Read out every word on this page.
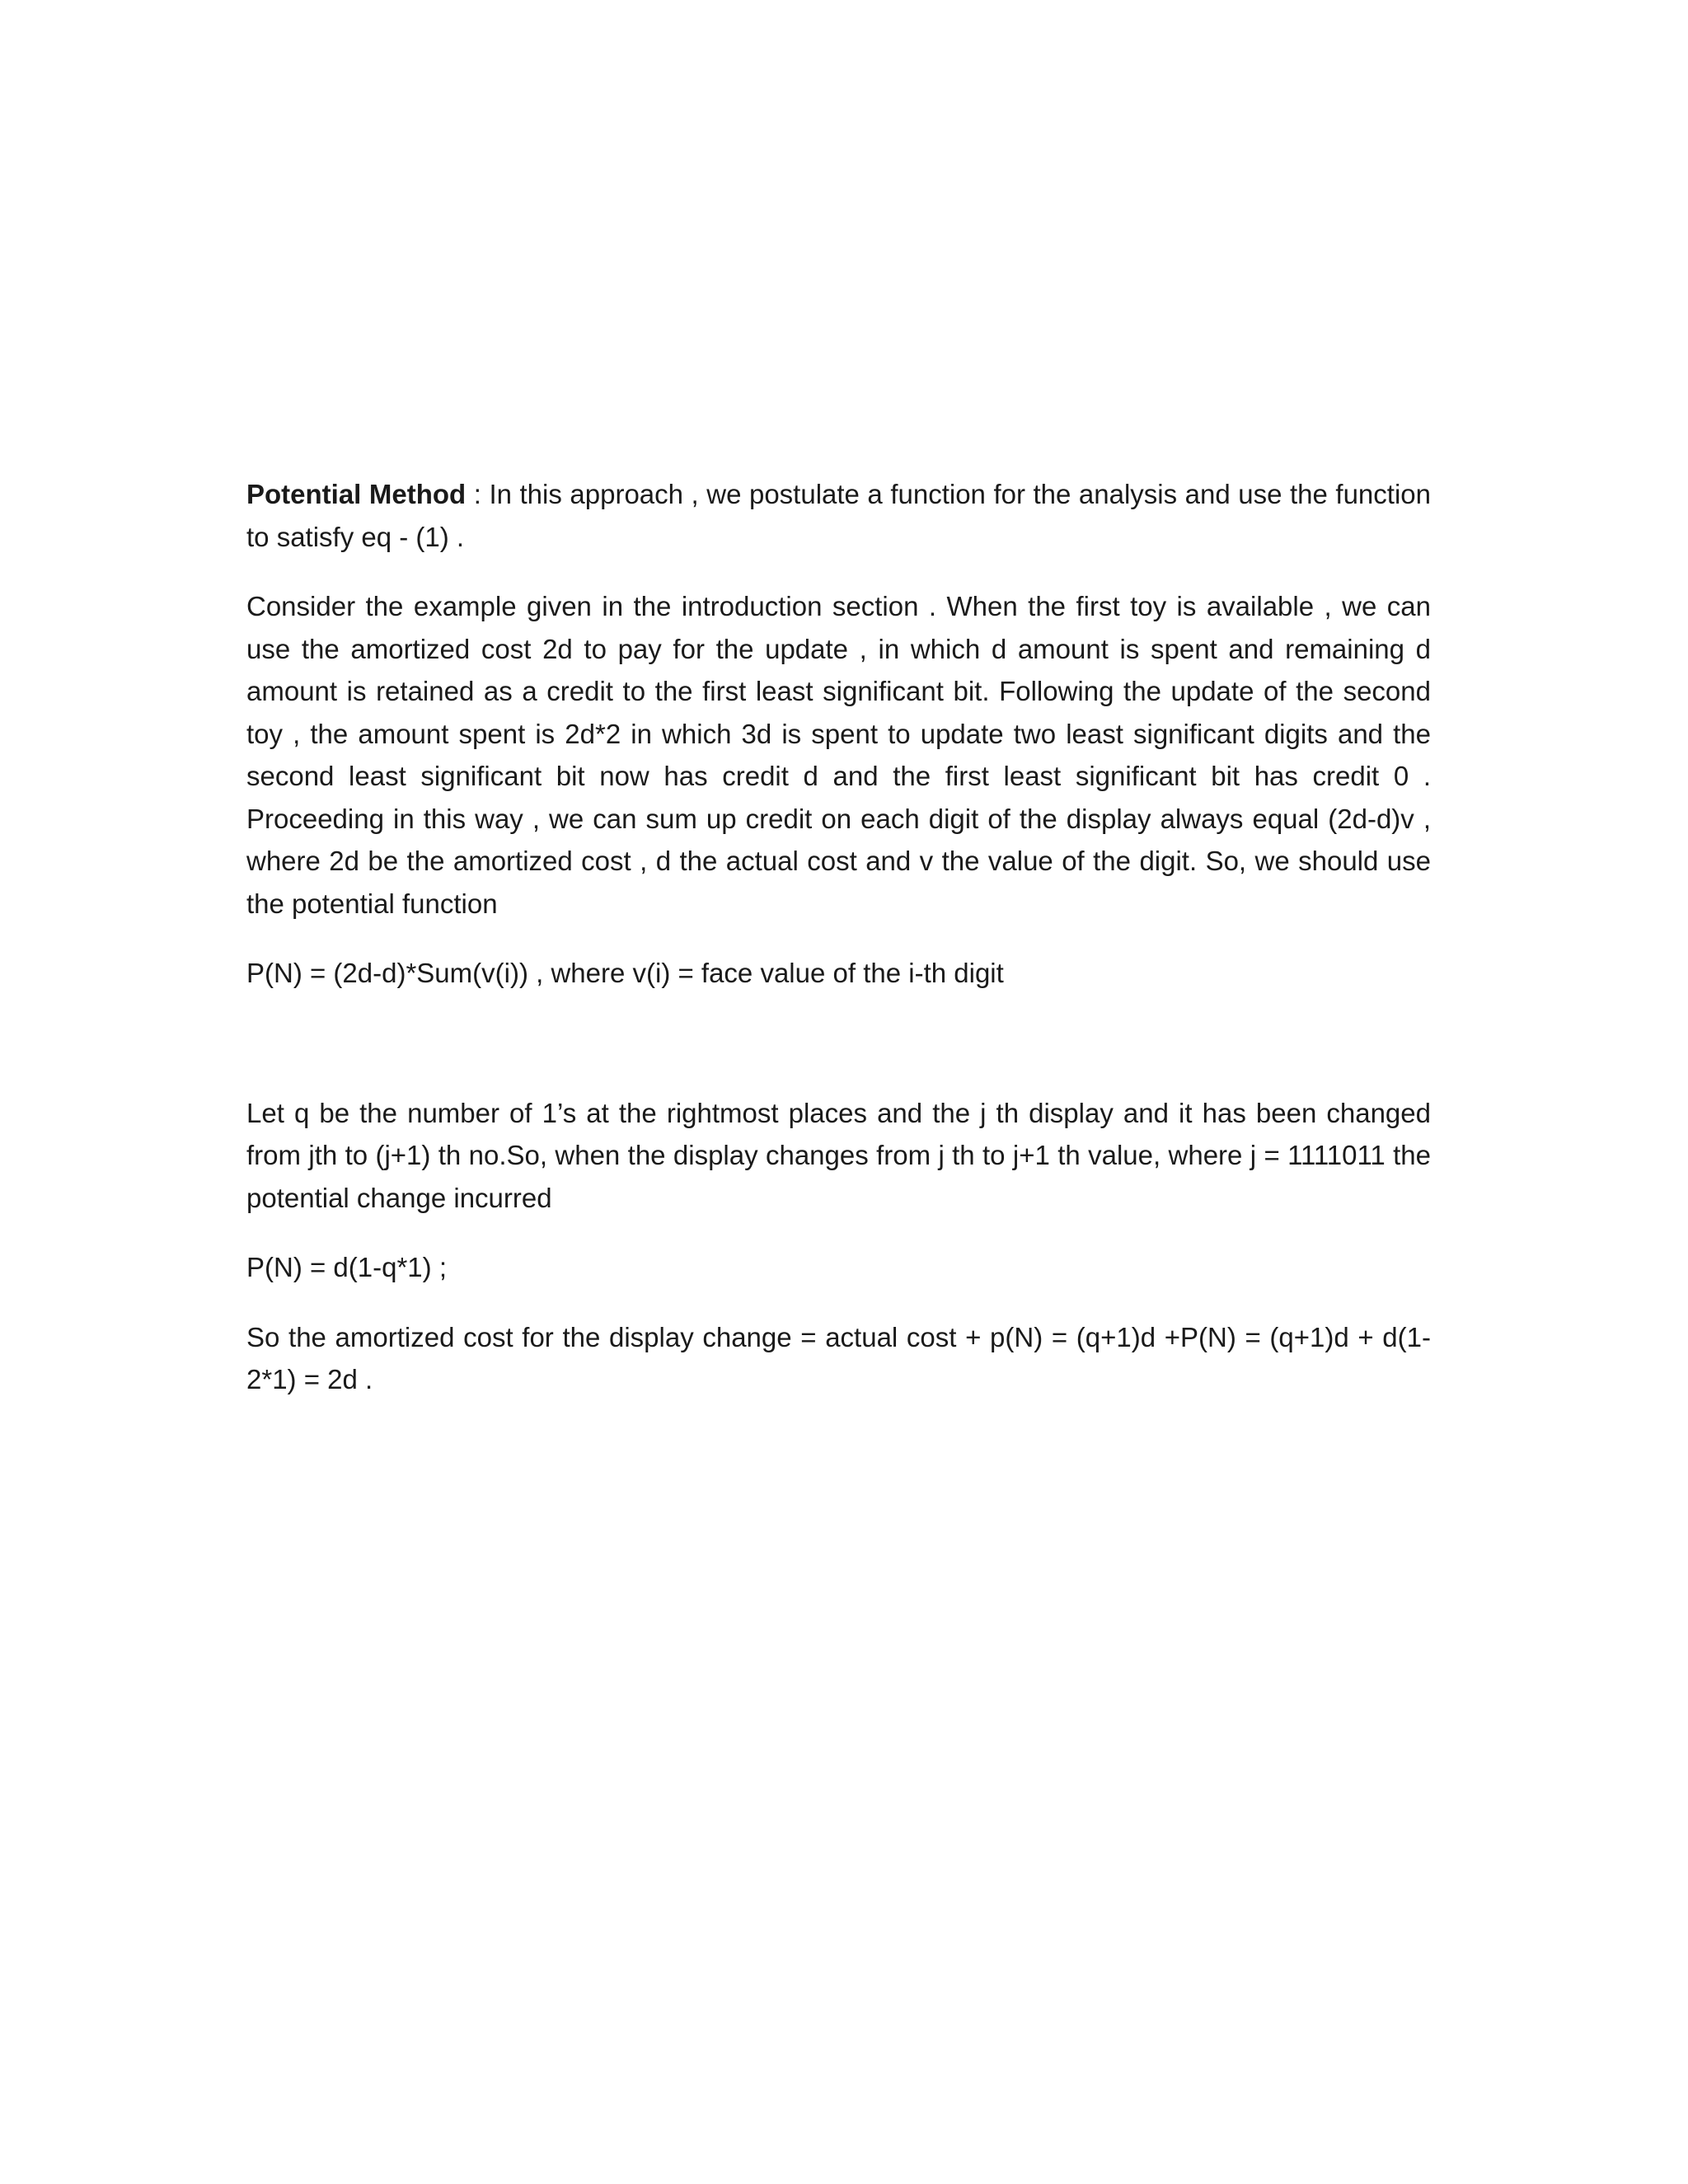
Potential Method : In this approach , we postulate a function for the analysis and use the function to satisfy eq - (1) .

Consider the example given in the introduction section . When the first toy is available , we can use the amortized cost 2d to pay for the update , in which d amount is spent and remaining d amount is retained as a credit to the first least significant bit. Following the update of the second toy , the amount spent is 2d*2 in which 3d is spent to update two least significant digits and the second least significant bit now has credit d and the first least significant bit has credit 0 . Proceeding in this way , we can sum up credit on each digit of the display always equal (2d-d)v , where 2d be the amortized cost , d the actual cost and v the value of the digit. So, we should use the potential function

P(N) = (2d-d)*Sum(v(i)) , where v(i) = face value of the i-th digit

Let q be the number of 1’s at the rightmost places and the j th display and it has been changed from jth to (j+1) th no.So, when the display changes from j th to j+1 th value, where j = 1111011 the potential change incurred

P(N) = d(1-q*1) ;

So the amortized cost for the display change = actual cost + p(N) = (q+1)d +P(N) = (q+1)d + d(1-2*1) = 2d .
